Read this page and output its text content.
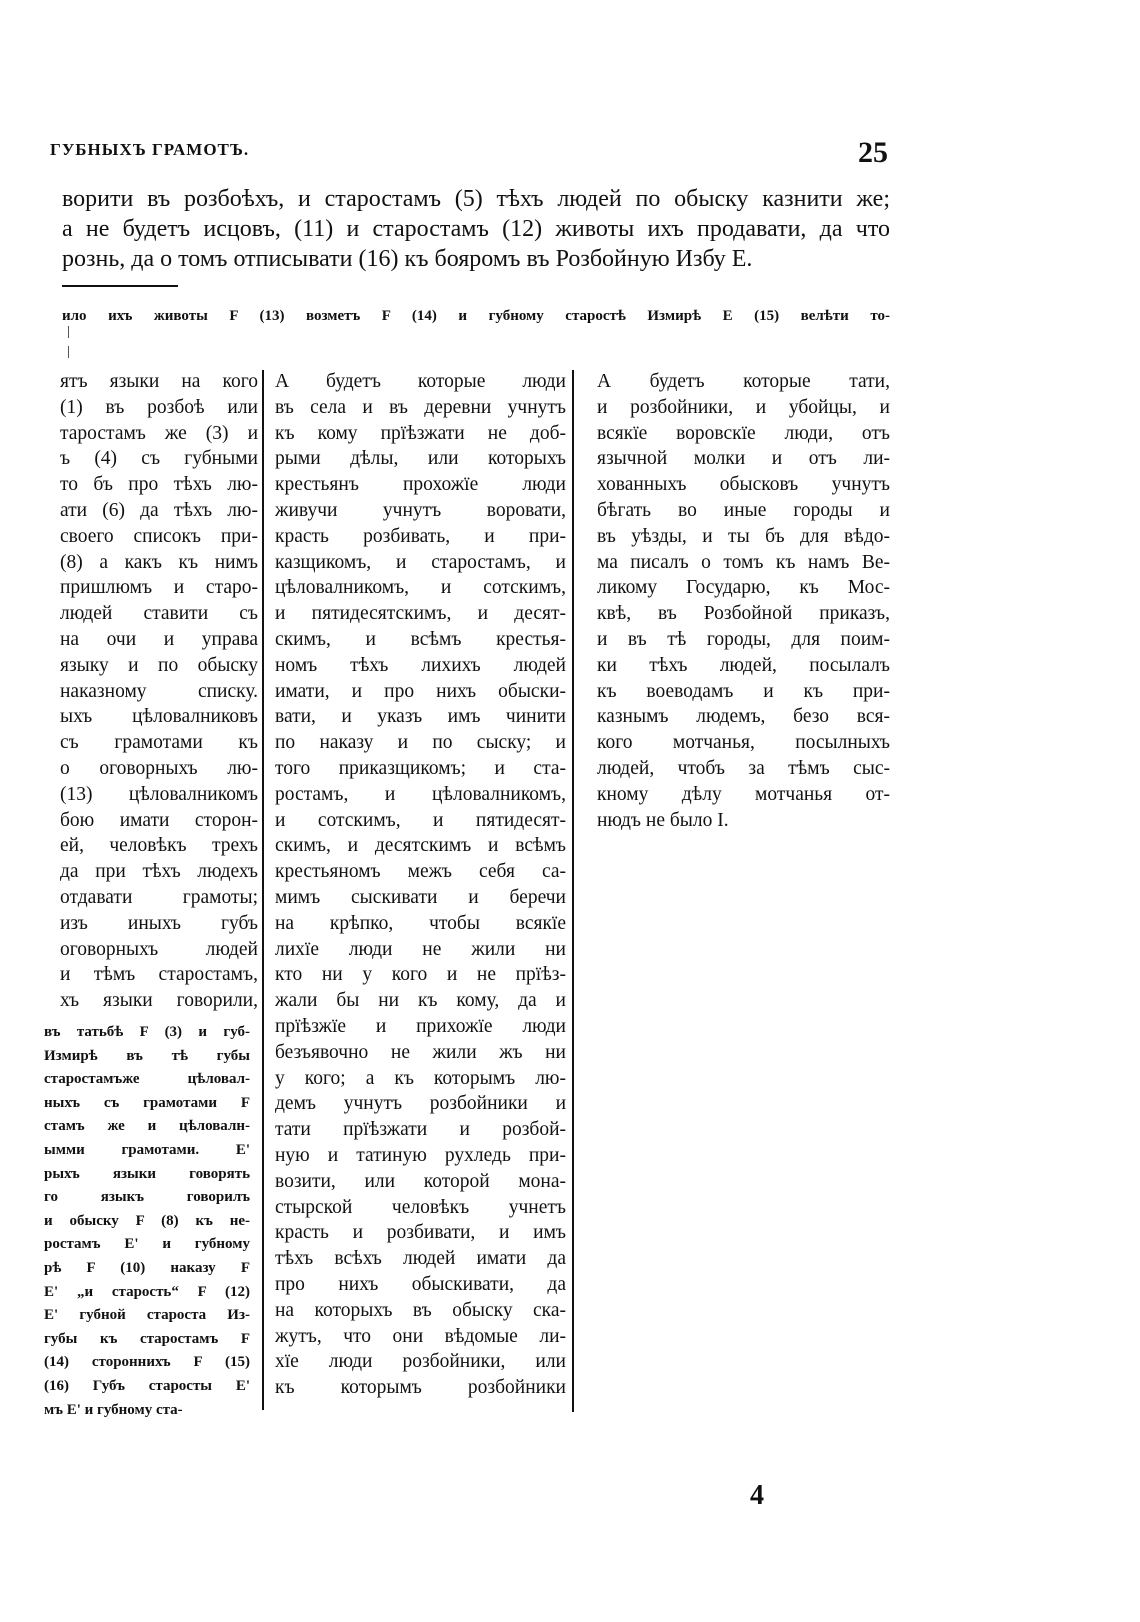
ГУБНЫХЪ ГРАМОТЪ.	25
ворити въ розбоѣхъ, и старостамъ (5) тѣхъ людей по обыску казнити же;
а не будетъ исцовъ, (11) и старостамъ (12) животы ихъ продавати, да что
рознь, да о томъ отписывати (16) къ бояромъ въ Розбойную Избу Е.
ило ихъ животы F (13) возметъ F (14) и губному старостѣ Измирѣ Е (15) велѣти то-
ятъ языки на кого
(1) въ розбоѣ или
таростамъ же (3) и
ъ (4) съ губными
то бъ про тѣхъ лю-
ати (6) да тѣхъ лю-
своего списокъ при-
(8) а какъ къ нимъ
пришлюмъ и старо-
людей ставити съ
на очи и управа
языку и по обыску
наказному списку.
ыхъ цѣловалниковъ
съ грамотами къ
о оговорныхъ лю-
(13) цѣловалникомъ
бою имати сторон-
ей, человѣкъ трехъ
да при тѣхъ людехъ
отдавати грамоты;
изъ иныхъ губъ
оговорныхъ людей
и тѣмъ старостамъ,
хъ языки говорили,
въ татьбѣ F (3) и губ-
Измирѣ въ тѣ губы
старостамъже цѣловал-
ныхъ съ грамотами F
стамъ же и цѣловалн-
ымми грамотами. Е'
рыхъ языки говорять
го языкъ говорилъ
и обыску F (8) къ не-
ростамъ Е' и губному
рѣ F (10) наказу F
Е' „и старость“ F (12)
Е' губной староста Из-
губы къ старостамъ F
(14) стороннихъ F (15)
(16) Губъ старосты Е'
мъ Е' и губному ста-
А будетъ которые люди
въ села и въ деревни учнутъ
къ кому прїѣзжати не доб-
рыми дѣлы, или которыхъ
крестьянъ прохожїе люди
живучи учнутъ воровати,
красть розбивать, и при-
казщикомъ, и старостамъ, и
цѣловалникомъ, и сотскимъ,
и пятидесятскимъ, и десят-
скимъ, и всѣмъ крестья-
номъ тѣхъ лихихъ людей
имати, и про нихъ обыски-
вати, и указъ имъ чинити
по наказу и по сыску; и
того приказщикомъ; и ста-
ростамъ, и цѣловалникомъ,
и сотскимъ, и пятидесят-
скимъ, и десятскимъ и всѣмъ
крестьяномъ межъ себя са-
мимъ сыскивати и беречи
на крѣпко, чтобы всякїе
лихїе люди не жили ни
кто ни у кого и не прїѣз-
жали бы ни къ кому, да и
прїѣзжїе и прихожїе люди
безъявочно не жили жъ ни
у кого; а къ которымъ лю-
демъ учнутъ розбойники и
тати прїѣзжати и розбой-
ную и татиную рухледь при-
возити, или которой мона-
стырской человѣкъ учнетъ
красть и розбивати, и имъ
тѣхъ всѣхъ людей имати да
про нихъ обыскивати, да
на которыхъ въ обыску ска-
жутъ, что они вѣдомые ли-
хїе люди розбойники, или
къ которымъ розбойники
А будетъ которые тати,
и розбойники, и убойцы, и
всякїе воровскїе люди, отъ
язычной молки и отъ ли-
хованныхъ обысковъ учнутъ
бѣгать во иные городы и
въ уѣзды, и ты бъ для вѣдо-
ма писалъ о томъ къ намъ Ве-
ликому Государю, къ Мос-
квѣ, въ Розбойной приказъ,
и въ тѣ городы, для поим-
ки тѣхъ людей, посылалъ
къ воеводамъ и къ при-
казнымъ людемъ, безо вся-
кого мотчанья, посылныхъ
людей, чтобъ за тѣмъ сыс-
кному дѣлу мотчанья от-
нюдъ не было І.
4
